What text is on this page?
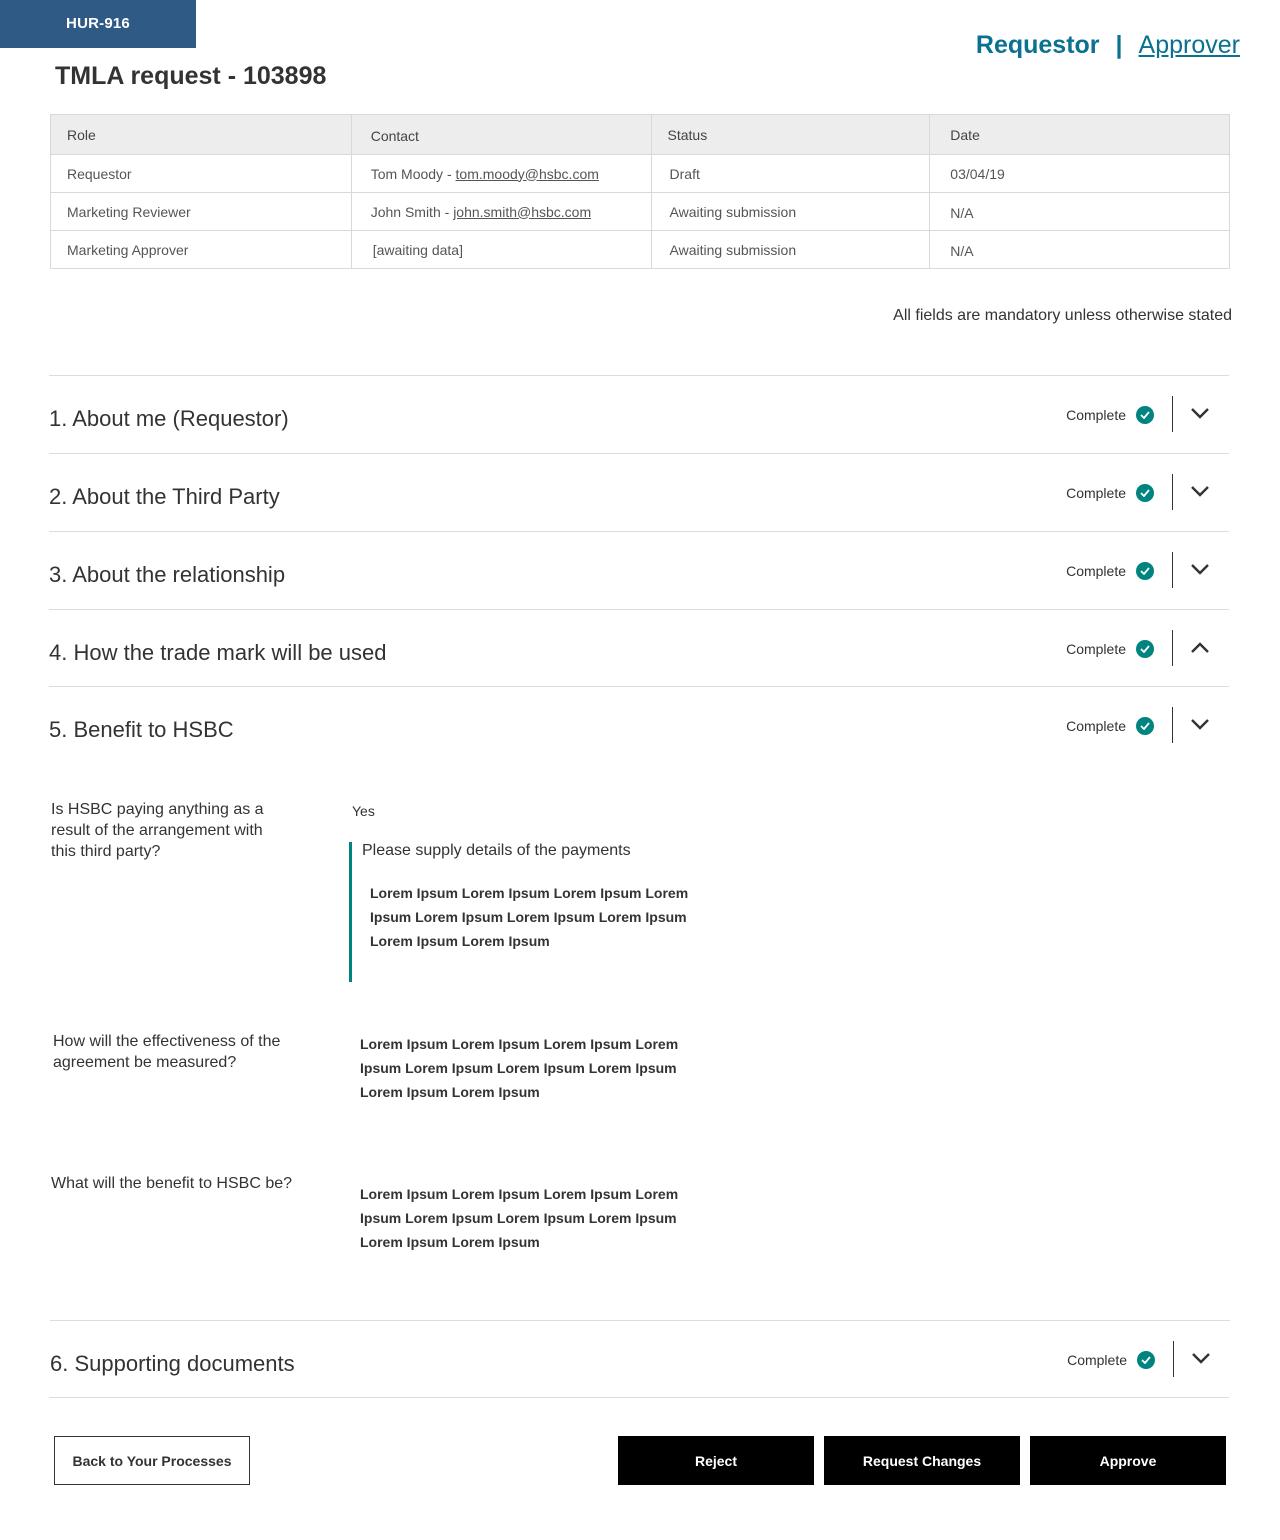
HUR-916
Requestor | Approver
TMLA request - 103898
Role	Contact	Status	Date
Requestor	Tom Moody - tom.moody@hsbc.com	Draft	03/04/19
Marketing Reviewer	John Smith - john.smith@hsbc.com	Awaiting submission	N/A
Marketing Approver	[awaiting data]	Awaiting submission	N/A
All fields are mandatory unless otherwise stated
1. About me (Requestor)	Complete
2. About the Third Party	Complete
3. About the relationship	Complete
4. How the trade mark will be used	Complete
5. Benefit to HSBC	Complete
Is HSBC paying anything as a
result of the arrangement with
this third party?
Yes
Please supply details of the payments
Lorem Ipsum Lorem Ipsum Lorem Ipsum Lorem
Ipsum Lorem Ipsum Lorem Ipsum Lorem Ipsum
Lorem Ipsum Lorem Ipsum
How will the effectiveness of the
agreement be measured?
Lorem Ipsum Lorem Ipsum Lorem Ipsum Lorem
Ipsum Lorem Ipsum Lorem Ipsum Lorem Ipsum
Lorem Ipsum Lorem Ipsum
What will the benefit to HSBC be?
Lorem Ipsum Lorem Ipsum Lorem Ipsum Lorem
Ipsum Lorem Ipsum Lorem Ipsum Lorem Ipsum
Lorem Ipsum Lorem Ipsum
6. Supporting documents	Complete
Back to Your Processes	Reject	Request Changes	Approve
